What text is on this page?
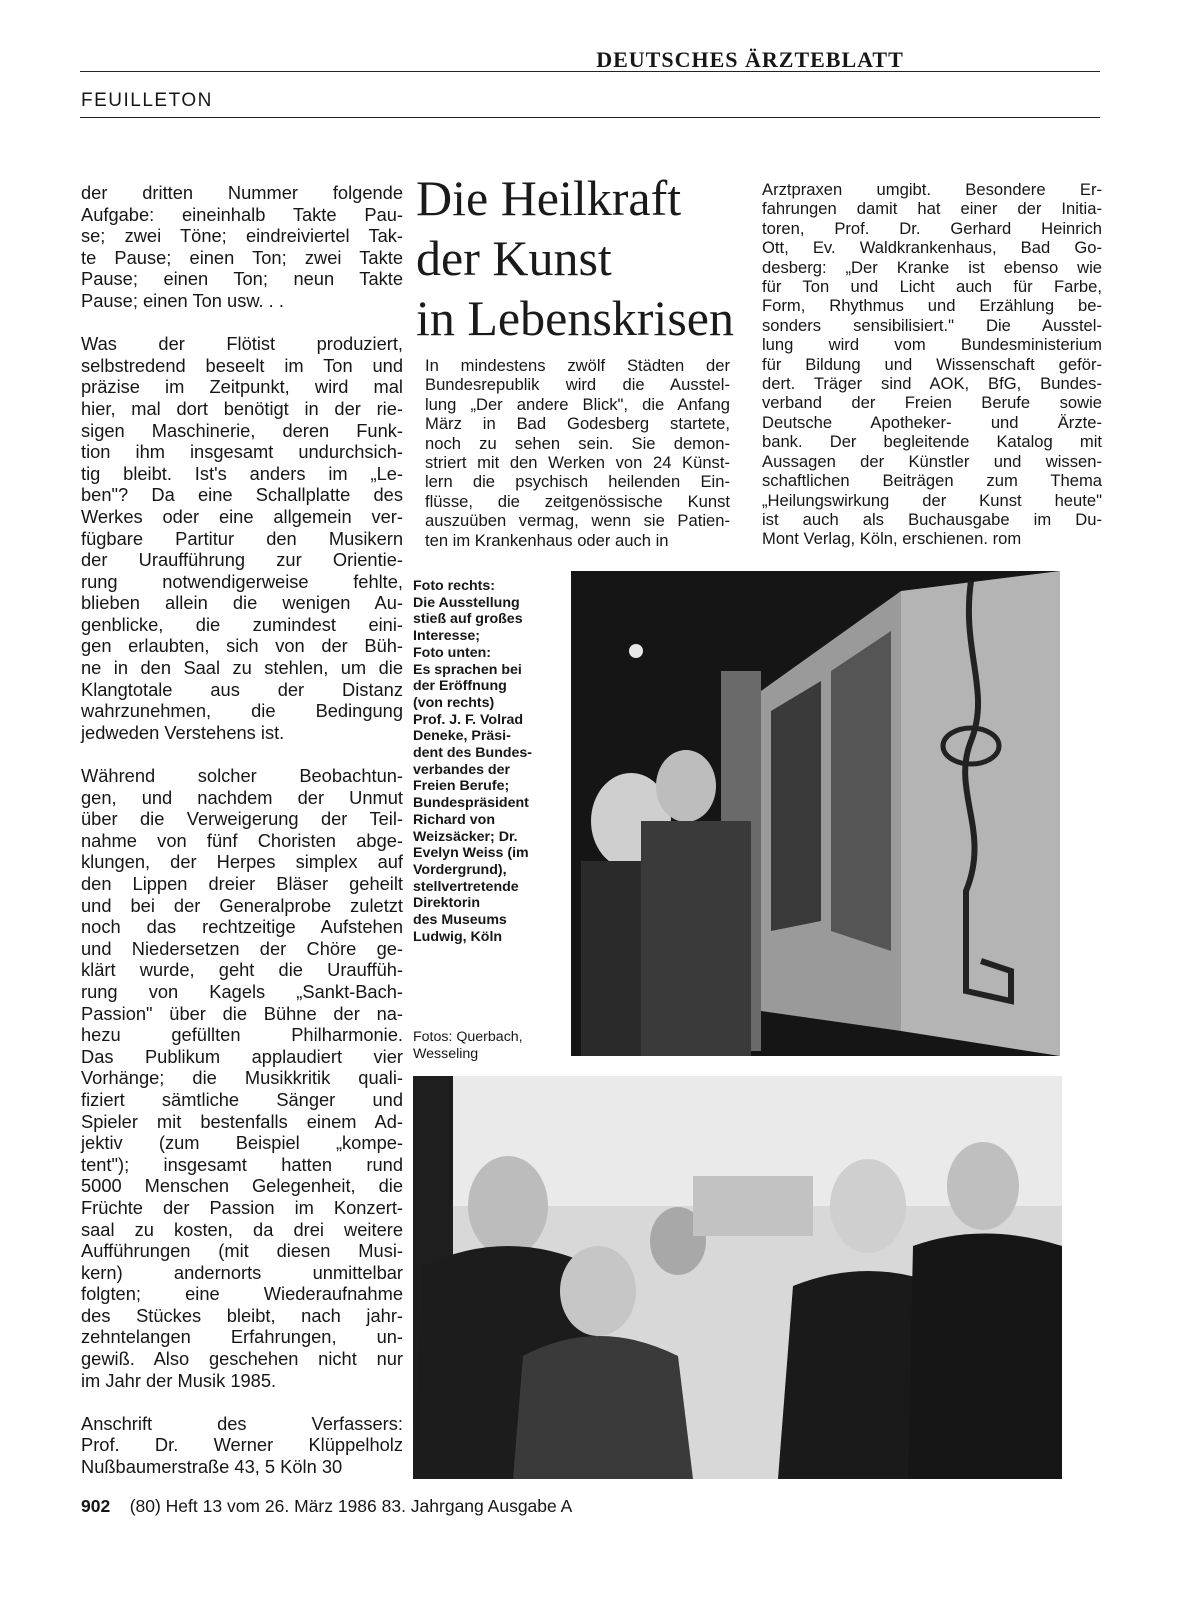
DEUTSCHES ÄRZTEBLATT
FEUILLETON

der dritten Nummer folgende

Aufgabe: eineinhalb Takte Pau-

se; zwei Töne; eindreiviertel Tak-

te Pause; einen Ton; zwei Takte

Pause; einen Ton; neun Takte

Pause; einen Ton usw. . .

Was der Flötist produziert,

selbstredend beseelt im Ton und

präzise im Zeitpunkt, wird mal

hier, mal dort benötigt in der rie-

sigen Maschinerie, deren Funk-

tion ihm insgesamt undurchsich-

tig bleibt. Ist's anders im „Le-

ben"? Da eine Schallplatte des

Werkes oder eine allgemein ver-

fügbare Partitur den Musikern

der Uraufführung zur Orientie-

rung notwendigerweise fehlte,

blieben allein die wenigen Au-

genblicke, die zumindest eini-

gen erlaubten, sich von der Büh-

ne in den Saal zu stehlen, um die

Klangtotale aus der Distanz

wahrzunehmen, die Bedingung

jedweden Verstehens ist.

Während solcher Beobachtun-

gen, und nachdem der Unmut

über die Verweigerung der Teil-

nahme von fünf Choristen abge-

klungen, der Herpes simplex auf

den Lippen dreier Bläser geheilt

und bei der Generalprobe zuletzt

noch das rechtzeitige Aufstehen

und Niedersetzen der Chöre ge-

klärt wurde, geht die Urauffüh-

rung von Kagels „Sankt-Bach-

Passion" über die Bühne der na-

hezu gefüllten Philharmonie.

Das Publikum applaudiert vier

Vorhänge; die Musikkritik quali-

fiziert sämtliche Sänger und

Spieler mit bestenfalls einem Ad-

jektiv (zum Beispiel „kompe-

tent"); insgesamt hatten rund

5000 Menschen Gelegenheit, die

Früchte der Passion im Konzert-

saal zu kosten, da drei weitere

Aufführungen (mit diesen Musi-

kern) andernorts unmittelbar

folgten; eine Wiederaufnahme

des Stückes bleibt, nach jahr-

zehntelangen Erfahrungen, un-

gewiß. Also geschehen nicht nur

im Jahr der Musik 1985.

Anschrift des Verfassers:

Prof. Dr. Werner Klüppelholz

Nußbaumerstraße 43, 5 Köln 30

Die Heilkraft
der Kunst
in Lebenskrisen

In mindestens zwölf Städten der

Bundesrepublik wird die Ausstel-

lung „Der andere Blick", die Anfang

März in Bad Godesberg startete,

noch zu sehen sein. Sie demon-

striert mit den Werken von 24 Künst-

lern die psychisch heilenden Ein-

flüsse, die zeitgenössische Kunst

auszuüben vermag, wenn sie Patien-

ten im Krankenhaus oder auch in

Arztpraxen umgibt. Besondere Er-

fahrungen damit hat einer der Initia-

toren, Prof. Dr. Gerhard Heinrich

Ott, Ev. Waldkrankenhaus, Bad Go-

desberg: „Der Kranke ist ebenso wie

für Ton und Licht auch für Farbe,

Form, Rhythmus und Erzählung be-

sonders sensibilisiert." Die Ausstel-

lung wird vom Bundesministerium

für Bildung und Wissenschaft geför-

dert. Träger sind AOK, BfG, Bundes-

verband der Freien Berufe sowie

Deutsche Apotheker- und Ärzte-

bank. Der begleitende Katalog mit

Aussagen der Künstler und wissen-

schaftlichen Beiträgen zum Thema

„Heilungswirkung der Kunst heute"

ist auch als Buchausgabe im Du-

Mont Verlag, Köln, erschienen. rom

Foto rechts:
Die Ausstellung
stieß auf großes
Interesse;
Foto unten:
Es sprachen bei
der Eröffnung
(von rechts)
Prof. J. F. Volrad
Deneke, Präsi-
dent des Bundes-
verbandes der
Freien Berufe;
Bundespräsident
Richard von
Weizsäcker; Dr.
Evelyn Weiss (im
Vordergrund),
stellvertretende
Direktorin
des Museums
Ludwig, Köln
Fotos: Querbach,
Wesseling
902 (80) Heft 13 vom 26. März 1986 83. Jahrgang Ausgabe A
